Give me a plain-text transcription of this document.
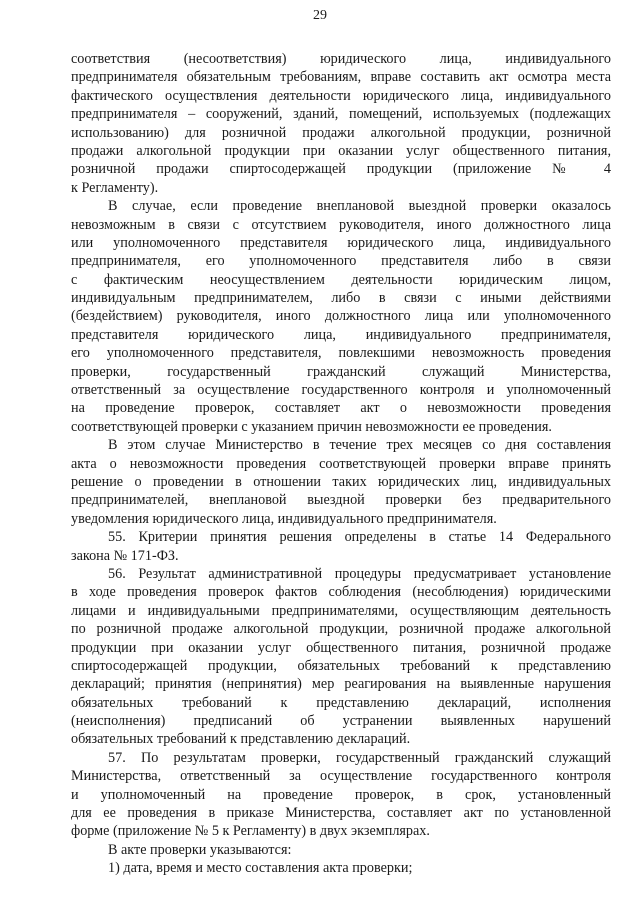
29
соответствия (несоответствия) юридического лица, индивидуального
предпринимателя обязательным требованиям, вправе составить акт осмотра места
фактического осуществления деятельности юридического лица, индивидуального
предпринимателя – сооружений, зданий, помещений, используемых (подлежащих
использованию) для розничной продажи алкогольной продукции, розничной
продажи алкогольной продукции при оказании услуг общественного питания,
розничной продажи спиртосодержащей продукции (приложение № 4
к Регламенту).
В случае, если проведение внеплановой выездной проверки оказалось
невозможным в связи с отсутствием руководителя, иного должностного лица
или уполномоченного представителя юридического лица, индивидуального
предпринимателя, его уполномоченного представителя либо в связи
с фактическим неосуществлением деятельности юридическим лицом,
индивидуальным предпринимателем, либо в связи с иными действиями
(бездействием) руководителя, иного должностного лица или уполномоченного
представителя юридического лица, индивидуального предпринимателя,
его уполномоченного представителя, повлекшими невозможность проведения
проверки, государственный гражданский служащий Министерства,
ответственный за осуществление государственного контроля и уполномоченный
на проведение проверок, составляет акт о невозможности проведения
соответствующей проверки с указанием причин невозможности ее проведения.
В этом случае Министерство в течение трех месяцев со дня составления
акта о невозможности проведения соответствующей проверки вправе принять
решение о проведении в отношении таких юридических лиц, индивидуальных
предпринимателей, внеплановой выездной проверки без предварительного
уведомления юридического лица, индивидуального предпринимателя.
55. Критерии принятия решения определены в статье 14 Федерального
закона № 171-ФЗ.
56. Результат административной процедуры предусматривает установление
в ходе проведения проверок фактов соблюдения (несоблюдения) юридическими
лицами и индивидуальными предпринимателями, осуществляющим деятельность
по розничной продаже алкогольной продукции, розничной продаже алкогольной
продукции при оказании услуг общественного питания, розничной продаже
спиртосодержащей продукции, обязательных требований к представлению
деклараций; принятия (непринятия) мер реагирования на выявленные нарушения
обязательных требований к представлению деклараций, исполнения
(неисполнения) предписаний об устранении выявленных нарушений
обязательных требований к представлению деклараций.
57. По результатам проверки, государственный гражданский служащий
Министерства, ответственный за осуществление государственного контроля
и уполномоченный на проведение проверок, в срок, установленный
для ее проведения в приказе Министерства, составляет акт по установленной
форме (приложение № 5 к Регламенту) в двух экземплярах.
В акте проверки указываются:
1) дата, время и место составления акта проверки;
